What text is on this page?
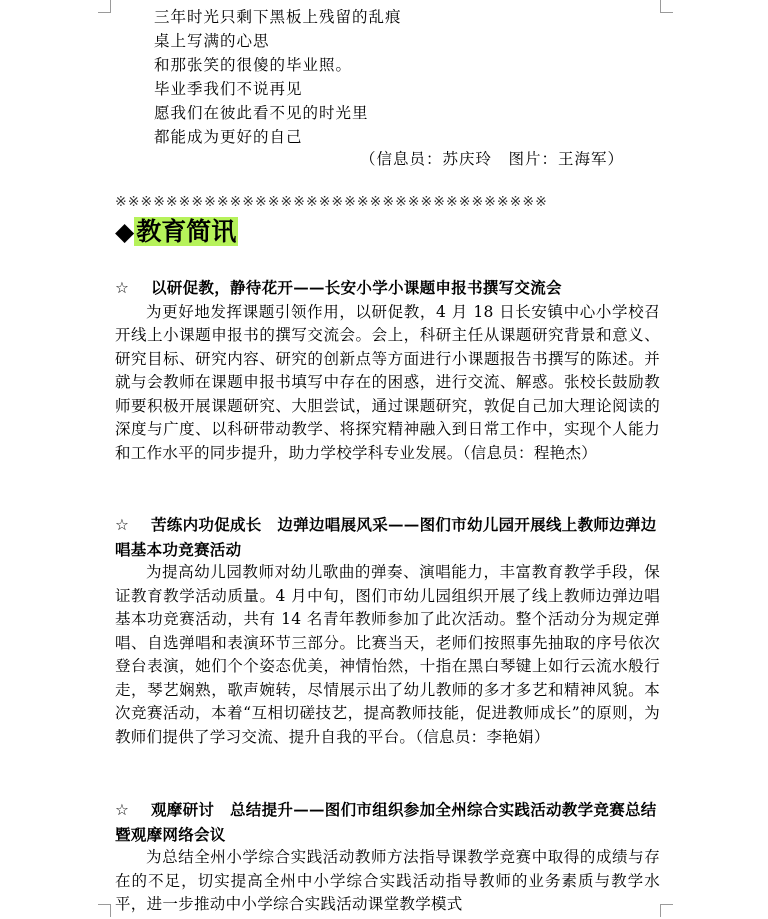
三年时光只剩下黑板上残留的乱痕
桌上写满的心思
和那张笑的很傻的毕业照。
毕业季我们不说再见
愿我们在彼此看不见的时光里
都能成为更好的自己
（信息员：苏庆玲　图片：王海军）
※※※※※※※※※※※※※※※※※※※※※※※※※※※※※※※※※※
◆教育简讯
☆ 以研促教，静待花开——长安小学小课题申报书撰写交流会
为更好地发挥课题引领作用，以研促教，4 月 18 日长安镇中心小学校召开线上小课题申报书的撰写交流会。会上，科研主任从课题研究背景和意义、研究目标、研究内容、研究的创新点等方面进行小课题报告书撰写的陈述。并就与会教师在课题申报书填写中存在的困惑，进行交流、解惑。张校长鼓励教师要积极开展课题研究、大胆尝试，通过课题研究，敦促自己加大理论阅读的深度与广度、以科研带动教学、将探究精神融入到日常工作中，实现个人能力和工作水平的同步提升，助力学校学科专业发展。（信息员：程艳杰）
☆ 苦练内功促成长　边弹边唱展风采——图们市幼儿园开展线上教师边弹边唱基本功竞赛活动
为提高幼儿园教师对幼儿歌曲的弹奏、演唱能力，丰富教育教学手段，保证教育教学活动质量。4 月中旬，图们市幼儿园组织开展了线上教师边弹边唱基本功竞赛活动，共有 14 名青年教师参加了此次活动。整个活动分为规定弹唱、自选弹唱和表演环节三部分。比赛当天，老师们按照事先抽取的序号依次登台表演，她们个个姿态优美，神情怡然，十指在黑白琴键上如行云流水般行走，琴艺娴熟，歌声婉转，尽情展示出了幼儿教师的多才多艺和精神风貌。本次竞赛活动，本着“互相切磋技艺，提高教师技能，促进教师成长”的原则，为教师们提供了学习交流、提升自我的平台。（信息员：李艳娟）
☆ 观摩研讨　总结提升——图们市组织参加全州综合实践活动教学竞赛总结暨观摩网络会议
为总结全州小学综合实践活动教师方法指导课教学竞赛中取得的成绩与存在的不足，切实提高全州中小学综合实践活动指导教师的业务素质与教学水平，进一步推动中小学综合实践活动课堂教学模式
